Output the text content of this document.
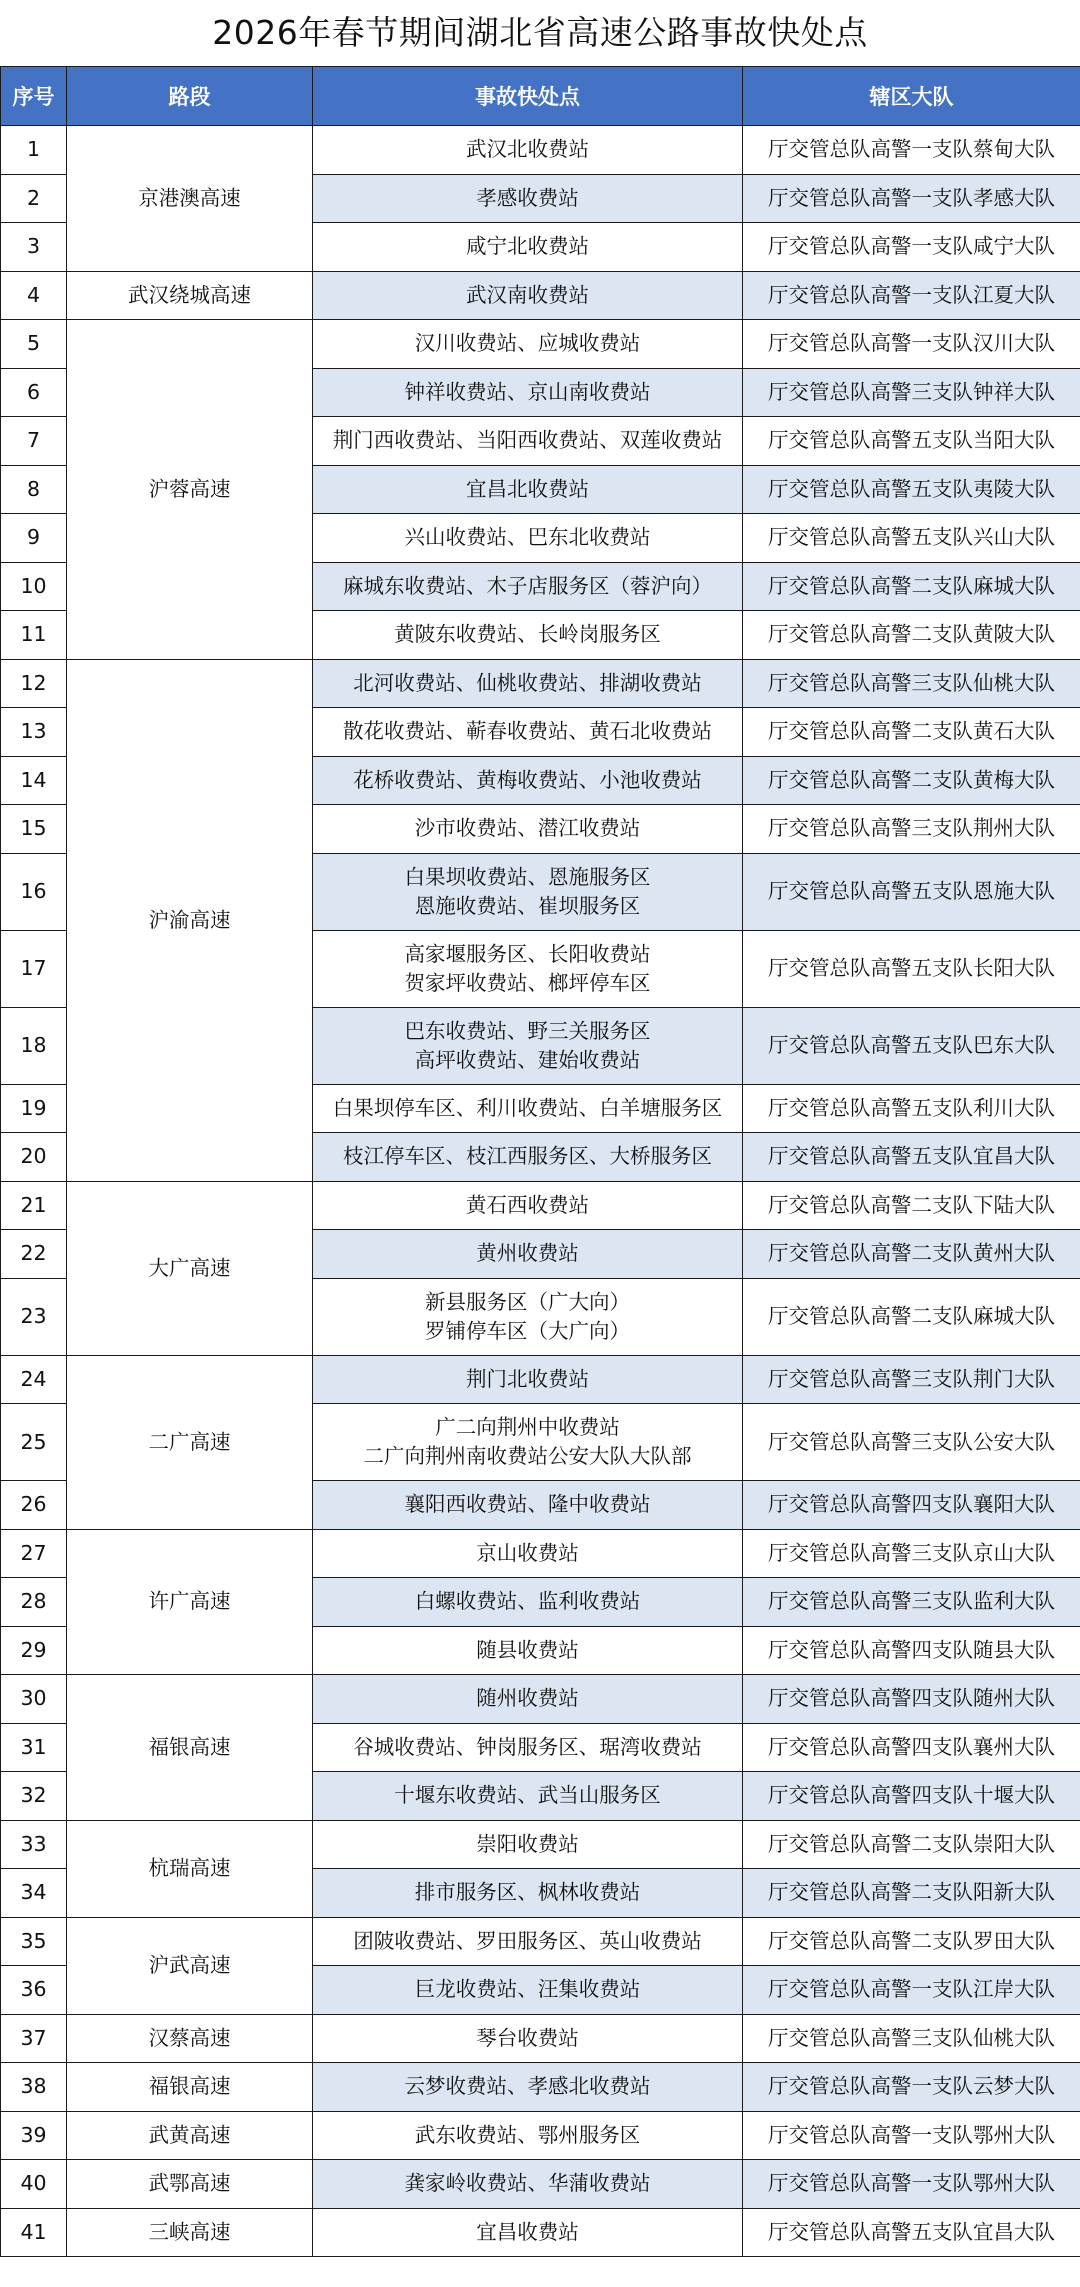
2026年春节期间湖北省高速公路事故快处点
序号	路段	事故快处点	辖区大队
1	京港澳高速	武汉北收费站	厅交管总队高警一支队蔡甸大队
2		孝感收费站	厅交管总队高警一支队孝感大队
3		咸宁北收费站	厅交管总队高警一支队咸宁大队
4	武汉绕城高速	武汉南收费站	厅交管总队高警一支队江夏大队
5	沪蓉高速	汉川收费站、应城收费站	厅交管总队高警一支队汉川大队
6		钟祥收费站、京山南收费站	厅交管总队高警三支队钟祥大队
7		荆门西收费站、当阳西收费站、双莲收费站	厅交管总队高警五支队当阳大队
8		宜昌北收费站	厅交管总队高警五支队夷陵大队
9		兴山收费站、巴东北收费站	厅交管总队高警五支队兴山大队
10		麻城东收费站、木子店服务区（蓉沪向）	厅交管总队高警二支队麻城大队
11		黄陂东收费站、长岭岗服务区	厅交管总队高警二支队黄陂大队
12	沪渝高速	北河收费站、仙桃收费站、排湖收费站	厅交管总队高警三支队仙桃大队
13		散花收费站、蕲春收费站、黄石北收费站	厅交管总队高警二支队黄石大队
14		花桥收费站、黄梅收费站、小池收费站	厅交管总队高警二支队黄梅大队
15		沙市收费站、潜江收费站	厅交管总队高警三支队荆州大队
16		白果坝收费站、恩施服务区
恩施收费站、崔坝服务区	厅交管总队高警五支队恩施大队
17		高家堰服务区、长阳收费站
贺家坪收费站、榔坪停车区	厅交管总队高警五支队长阳大队
18		巴东收费站、野三关服务区
高坪收费站、建始收费站	厅交管总队高警五支队巴东大队
19		白果坝停车区、利川收费站、白羊塘服务区	厅交管总队高警五支队利川大队
20		枝江停车区、枝江西服务区、大桥服务区	厅交管总队高警五支队宜昌大队
21	大广高速	黄石西收费站	厅交管总队高警二支队下陆大队
22		黄州收费站	厅交管总队高警二支队黄州大队
23		新县服务区（广大向）
罗铺停车区（大广向）	厅交管总队高警二支队麻城大队
24	二广高速	荆门北收费站	厅交管总队高警三支队荆门大队
25		广二向荆州中收费站
二广向荆州南收费站公安大队大队部	厅交管总队高警三支队公安大队
26		襄阳西收费站、隆中收费站	厅交管总队高警四支队襄阳大队
27	许广高速	京山收费站	厅交管总队高警三支队京山大队
28		白螺收费站、监利收费站	厅交管总队高警三支队监利大队
29		随县收费站	厅交管总队高警四支队随县大队
30	福银高速	随州收费站	厅交管总队高警四支队随州大队
31		谷城收费站、钟岗服务区、琚湾收费站	厅交管总队高警四支队襄州大队
32		十堰东收费站、武当山服务区	厅交管总队高警四支队十堰大队
33	杭瑞高速	崇阳收费站	厅交管总队高警二支队崇阳大队
34		排市服务区、枫林收费站	厅交管总队高警二支队阳新大队
35	沪武高速	团陂收费站、罗田服务区、英山收费站	厅交管总队高警二支队罗田大队
36		巨龙收费站、汪集收费站	厅交管总队高警一支队江岸大队
37	汉蔡高速	琴台收费站	厅交管总队高警三支队仙桃大队
38	福银高速	云梦收费站、孝感北收费站	厅交管总队高警一支队云梦大队
39	武黄高速	武东收费站、鄂州服务区	厅交管总队高警一支队鄂州大队
40	武鄂高速	龚家岭收费站、华蒲收费站	厅交管总队高警一支队鄂州大队
41	三峡高速	宜昌收费站	厅交管总队高警五支队宜昌大队
